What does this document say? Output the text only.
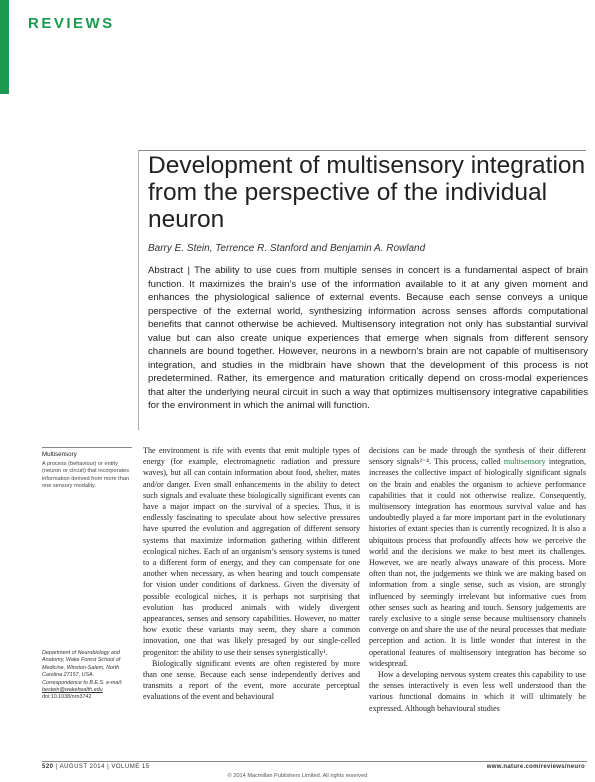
REVIEWS
Development of multisensory integration from the perspective of the individual neuron
Barry E. Stein, Terrence R. Stanford and Benjamin A. Rowland
Abstract | The ability to use cues from multiple senses in concert is a fundamental aspect of brain function. It maximizes the brain’s use of the information available to it at any given moment and enhances the physiological salience of external events. Because each sense conveys a unique perspective of the external world, synthesizing information across senses affords computational benefits that cannot otherwise be achieved. Multisensory integration not only has substantial survival value but can also create unique experiences that emerge when signals from different sensory channels are bound together. However, neurons in a newborn’s brain are not capable of multisensory integration, and studies in the midbrain have shown that the development of this process is not predetermined. Rather, its emergence and maturation critically depend on cross-modal experiences that alter the underlying neural circuit in such a way that optimizes multisensory integrative capabilities for the environment in which the animal will function.
Multisensory
A process (behaviour) or entity (neuron or circuit) that incorporates information derived from more than one sensory modality.
Department of Neurobiology and Anatomy, Wake Forest School of Medicine, Winston-Salem, North Carolina 27157, USA.
Correspondence to B.E.S. e-mail:
bestein@wakehealth.edu
doi:10.1038/nrn3742

The environment is rife with events that emit multiple types of energy (for example, electromagnetic radiation and pressure waves), but all can contain information about food, shelter, mates and/or danger. Even small enhancements in the ability to detect such signals and evaluate these biologically significant events can have a major impact on the survival of a species. Thus, it is endlessly fascinating to speculate about how selective pressures have spurred the evolution and aggregation of different sensory systems that maximize information gathering within different ecological niches. Each of an organism’s sensory systems is tuned to a different form of energy, and they can compensate for one another when necessary, as when hearing and touch compensate for vision under conditions of darkness. Given the diversity of possible ecological niches, it is perhaps not surprising that evolution has produced animals with widely divergent appearances, senses and sensory capabilities. However, no matter how exotic these variants may seem, they share a common innovation, one that was likely presaged by our single-celled progenitor: the ability to use their senses synergistically¹.

Biologically significant events are often registered by more than one sense. Because each sense independently derives and transmits a report of the event, more accurate perceptual evaluations of the event and behavioural

decisions can be made through the synthesis of their different sensory signals²⁻⁴. This process, called multisensory integration, increases the collective impact of biologically significant signals on the brain and enables the organism to achieve performance capabilities that it could not otherwise realize. Consequently, multisensory integration has enormous survival value and has undoubtedly played a far more important part in the evolutionary histories of extant species than is currently recognized. It is also a ubiquitous process that profoundly affects how we perceive the world and the decisions we make to best meet its challenges. However, we are nearly always unaware of this process. More often than not, the judgements we think we are making based on information from a single sense, such as vision, are strongly influenced by seemingly irrelevant but informative cues from other senses such as hearing and touch. Sensory judgements are rarely exclusive to a single sense because multisensory channels converge on and share the use of the neural processes that mediate perception and action. It is little wonder that interest in the operational features of multisensory integration has become so widespread.

How a developing nervous system creates this capability to use the senses interactively is even less well understood than the various functional domains in which it will ultimately be expressed. Although behavioural studies

520 | AUGUST 2014 | VOLUME 15	www.nature.com/reviews/neuro
© 2014 Macmillan Publishers Limited. All rights reserved
